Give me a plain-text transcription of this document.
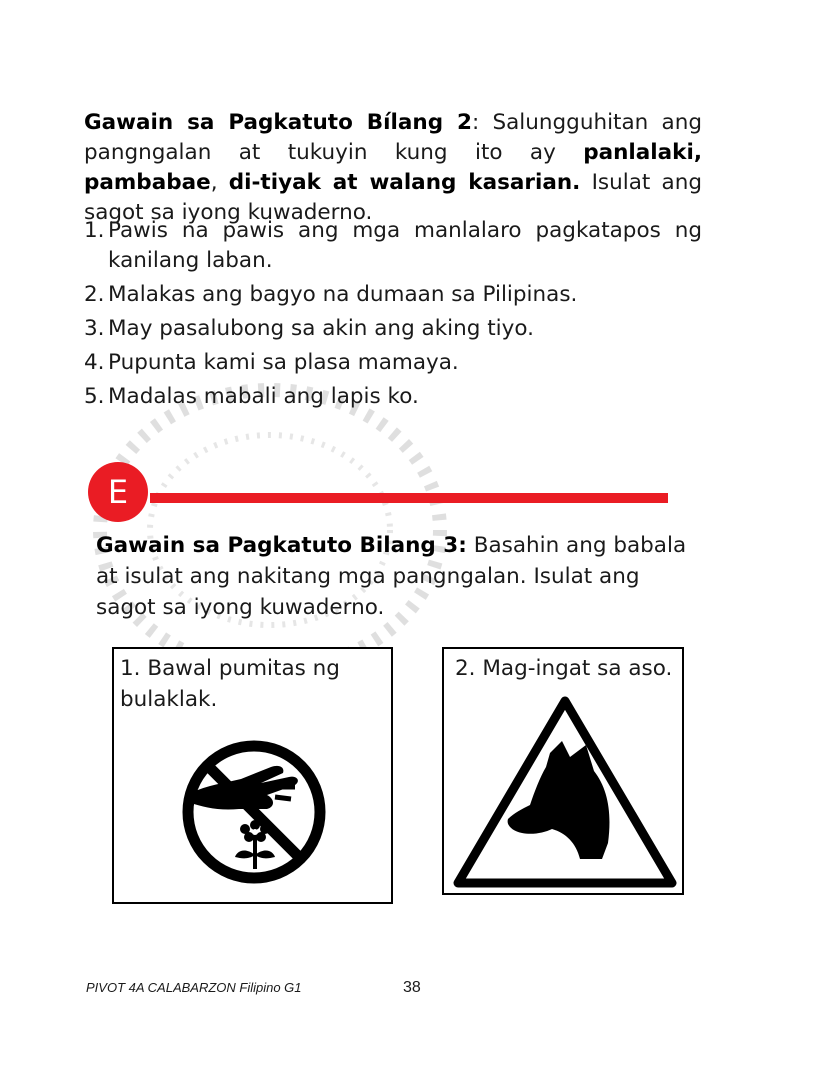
Gawain sa Pagkatuto Bílang 2: Salungguhitan ang pangngalan at tukuyin kung ito ay panlalaki, pambabae, di-tiyak at walang kasarian. Isulat ang sagot sa iyong kuwaderno.

1. Pawis na pawis ang mga manlalaro pagkatapos ng kanilang laban.
2. Malakas ang bagyo na dumaan sa Pilipinas.
3. May pasalubong sa akin ang aking tiyo.
4. Pupunta kami sa plasa mamaya.
5. Madalas mabali ang lapis ko.
E

Gawain sa Pagkatuto Bilang 3: Basahin ang babala at isulat ang nakitang mga pangngalan. Isulat ang sagot sa iyong kuwaderno.

1. Bawal pumitas ng bulaklak.
2. Mag-ingat sa aso.
PIVOT 4A CALABARZON Filipino G1	38
